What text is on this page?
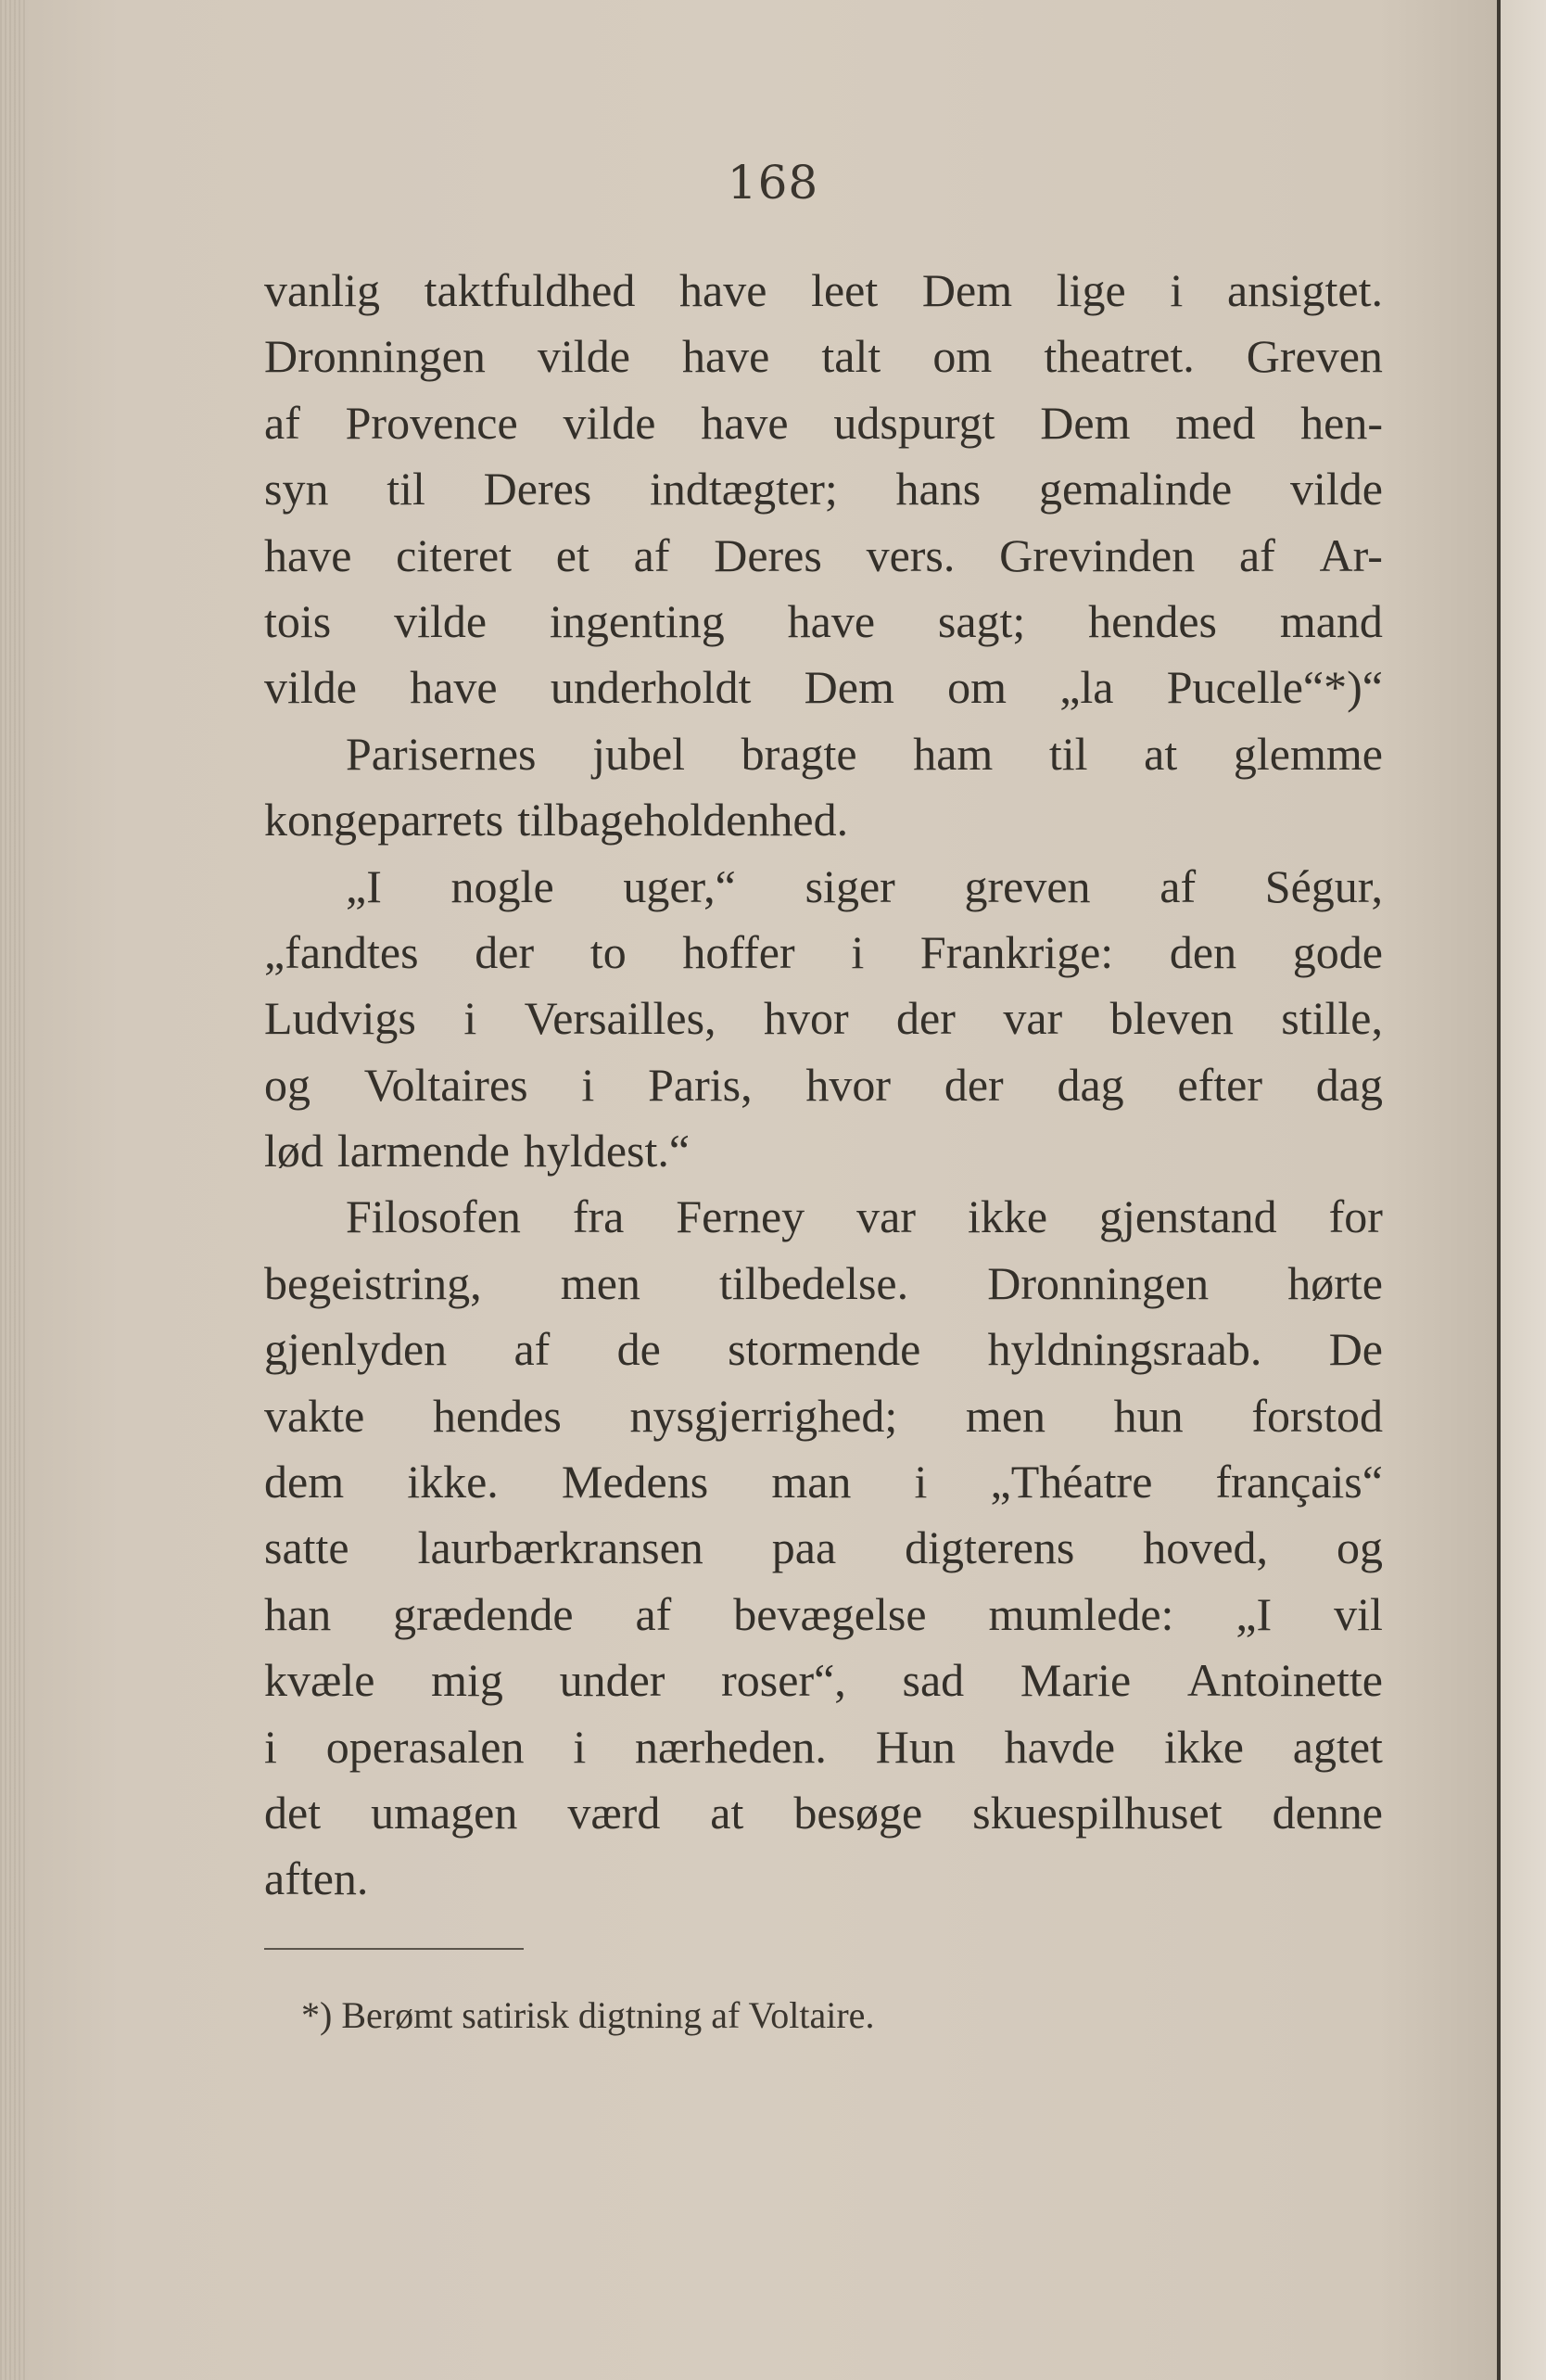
168
vanlig taktfuldhed have leet Dem lige i ansigtet.
Dronningen vilde have talt om theatret. Greven
af Provence vilde have udspurgt Dem med hen-
syn til Deres indtægter; hans gemalinde vilde
have citeret et af Deres vers. Grevinden af Ar-
tois vilde ingenting have sagt; hendes mand
vilde have underholdt Dem om „la Pucelle“*)“
Parisernes jubel bragte ham til at glemme
kongeparrets tilbageholdenhed.
„I nogle uger,“ siger greven af Ségur,
„fandtes der to hoffer i Frankrige: den gode
Ludvigs i Versailles, hvor der var bleven stille,
og Voltaires i Paris, hvor der dag efter dag
lød larmende hyldest.“
Filosofen fra Ferney var ikke gjenstand for
begeistring, men tilbedelse. Dronningen hørte
gjenlyden af de stormende hyldningsraab. De
vakte hendes nysgjerrighed; men hun forstod
dem ikke. Medens man i „Théatre français“
satte laurbærkransen paa digterens hoved, og
han grædende af bevægelse mumlede: „I vil
kvæle mig under roser“, sad Marie Antoinette
i operasalen i nærheden. Hun havde ikke agtet
det umagen værd at besøge skuespilhuset denne
aften.
*) Berømt satirisk digtning af Voltaire.
